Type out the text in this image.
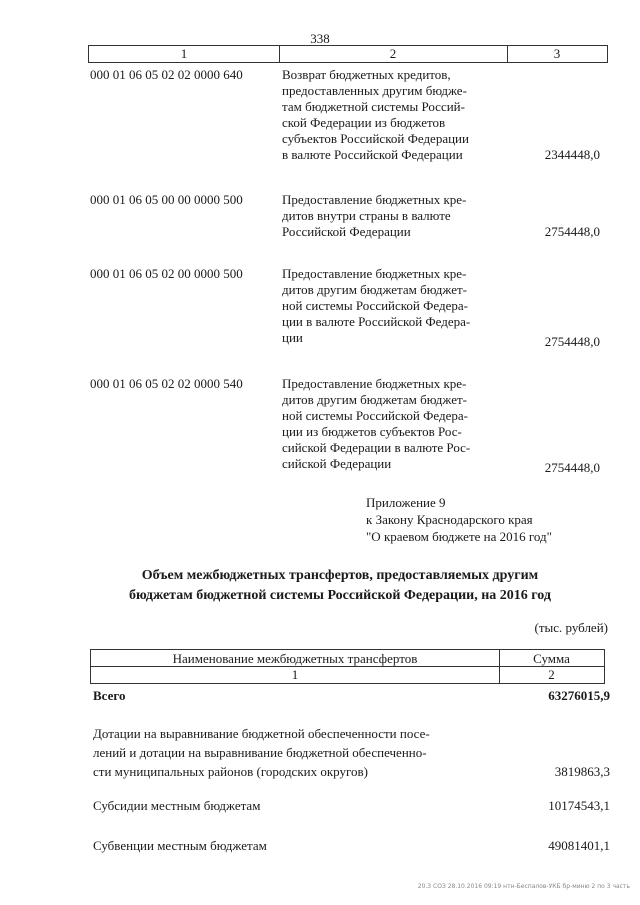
338
1	2	3
000 01 06 05 02 02 0000 640	Возврат бюджетных кредитов,
предоставленных другим бюдже-
там бюджетной системы Россий-
ской Федерации из бюджетов
субъектов Российской Федерации
в валюте Российской Федерации	2344448,0
000 01 06 05 00 00 0000 500	Предоставление бюджетных кре-
дитов внутри страны в валюте
Российской Федерации	2754448,0
000 01 06 05 02 00 0000 500	Предоставление бюджетных кре-
дитов другим бюджетам бюджет-
ной системы Российской Федера-
ции в валюте Российской Федера-
ции	2754448,0
000 01 06 05 02 02 0000 540	Предоставление бюджетных кре-
дитов другим бюджетам бюджет-
ной системы Российской Федера-
ции из бюджетов субъектов Рос-
сийской Федерации в валюте Рос-
сийской Федерации	2754448,0
Приложение 9
к Закону Краснодарского края
"О краевом бюджете на 2016 год"
Объем межбюджетных трансфертов, предоставляемых другим
бюджетам бюджетной системы Российской Федерации, на 2016 год
(тыс. рублей)
Наименование межбюджетных трансфертов	Сумма
1	2
Всего	63276015,9
Дотации на выравнивание бюджетной обеспеченности посе-
лений и дотации на выравнивание бюджетной обеспеченно-
сти муниципальных районов (городских округов)	3819863,3
Субсидии местным бюджетам	10174543,1
Субвенции местным бюджетам	49081401,1
20.3 СОЗ 28.10.2016 09:19 нтн-Беспалов-УКБ бр-миню 2 по 3 часть
